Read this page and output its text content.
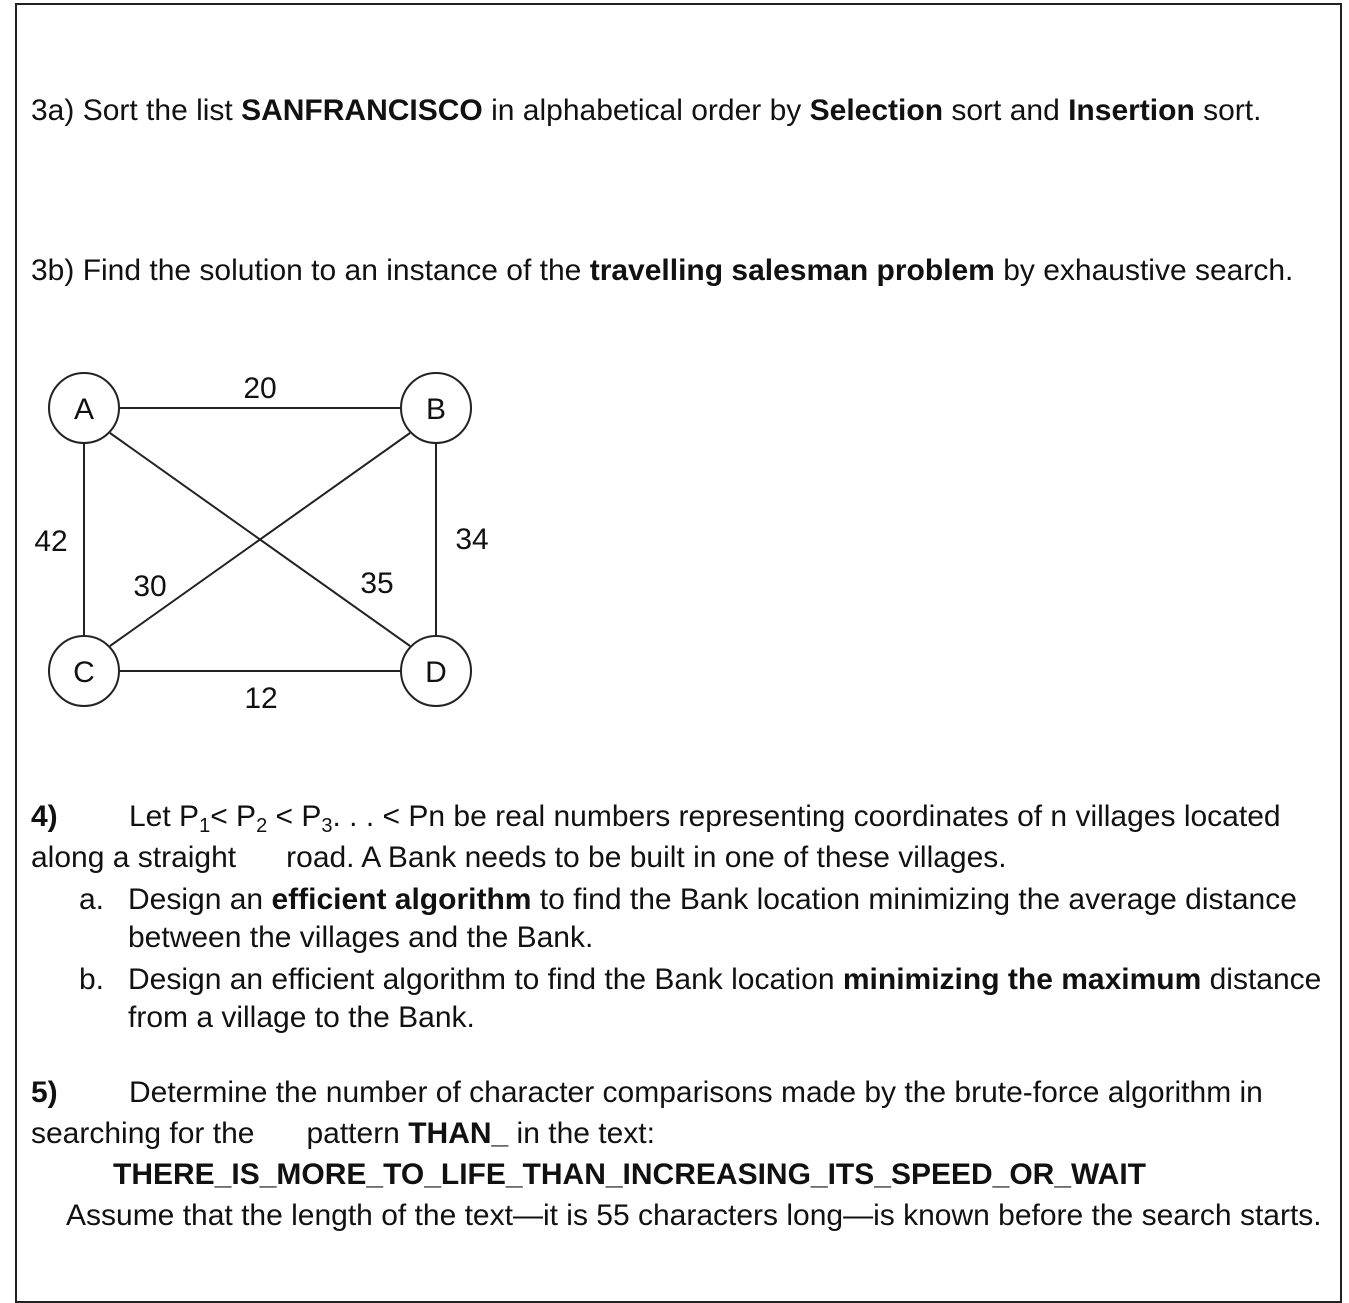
3a) Sort the list SANFRANCISCO in alphabetical order by Selection sort and Insertion sort.

3b) Find the solution to an instance of the travelling salesman problem by exhaustive search.

A	B
C	D
20
42	34
30	35
12
4) Let $P_1< P_2 < P_3$. . . < Pn be real numbers representing coordinates of n villages located along a straight road. A Bank needs to be built in one of these villages.
a. Design an efficient algorithm to find the Bank location minimizing the average distance between the villages and the Bank.
b. Design an efficient algorithm to find the Bank location minimizing the maximum distance from a village to the Bank.
5) Determine the number of character comparisons made by the brute-force algorithm in searching for the pattern THAN_ in the text:
THERE_IS_MORE_TO_LIFE_THAN_INCREASING_ITS_SPEED_OR_WAIT
Assume that the length of the text—it is 55 characters long—is known before the search starts.
